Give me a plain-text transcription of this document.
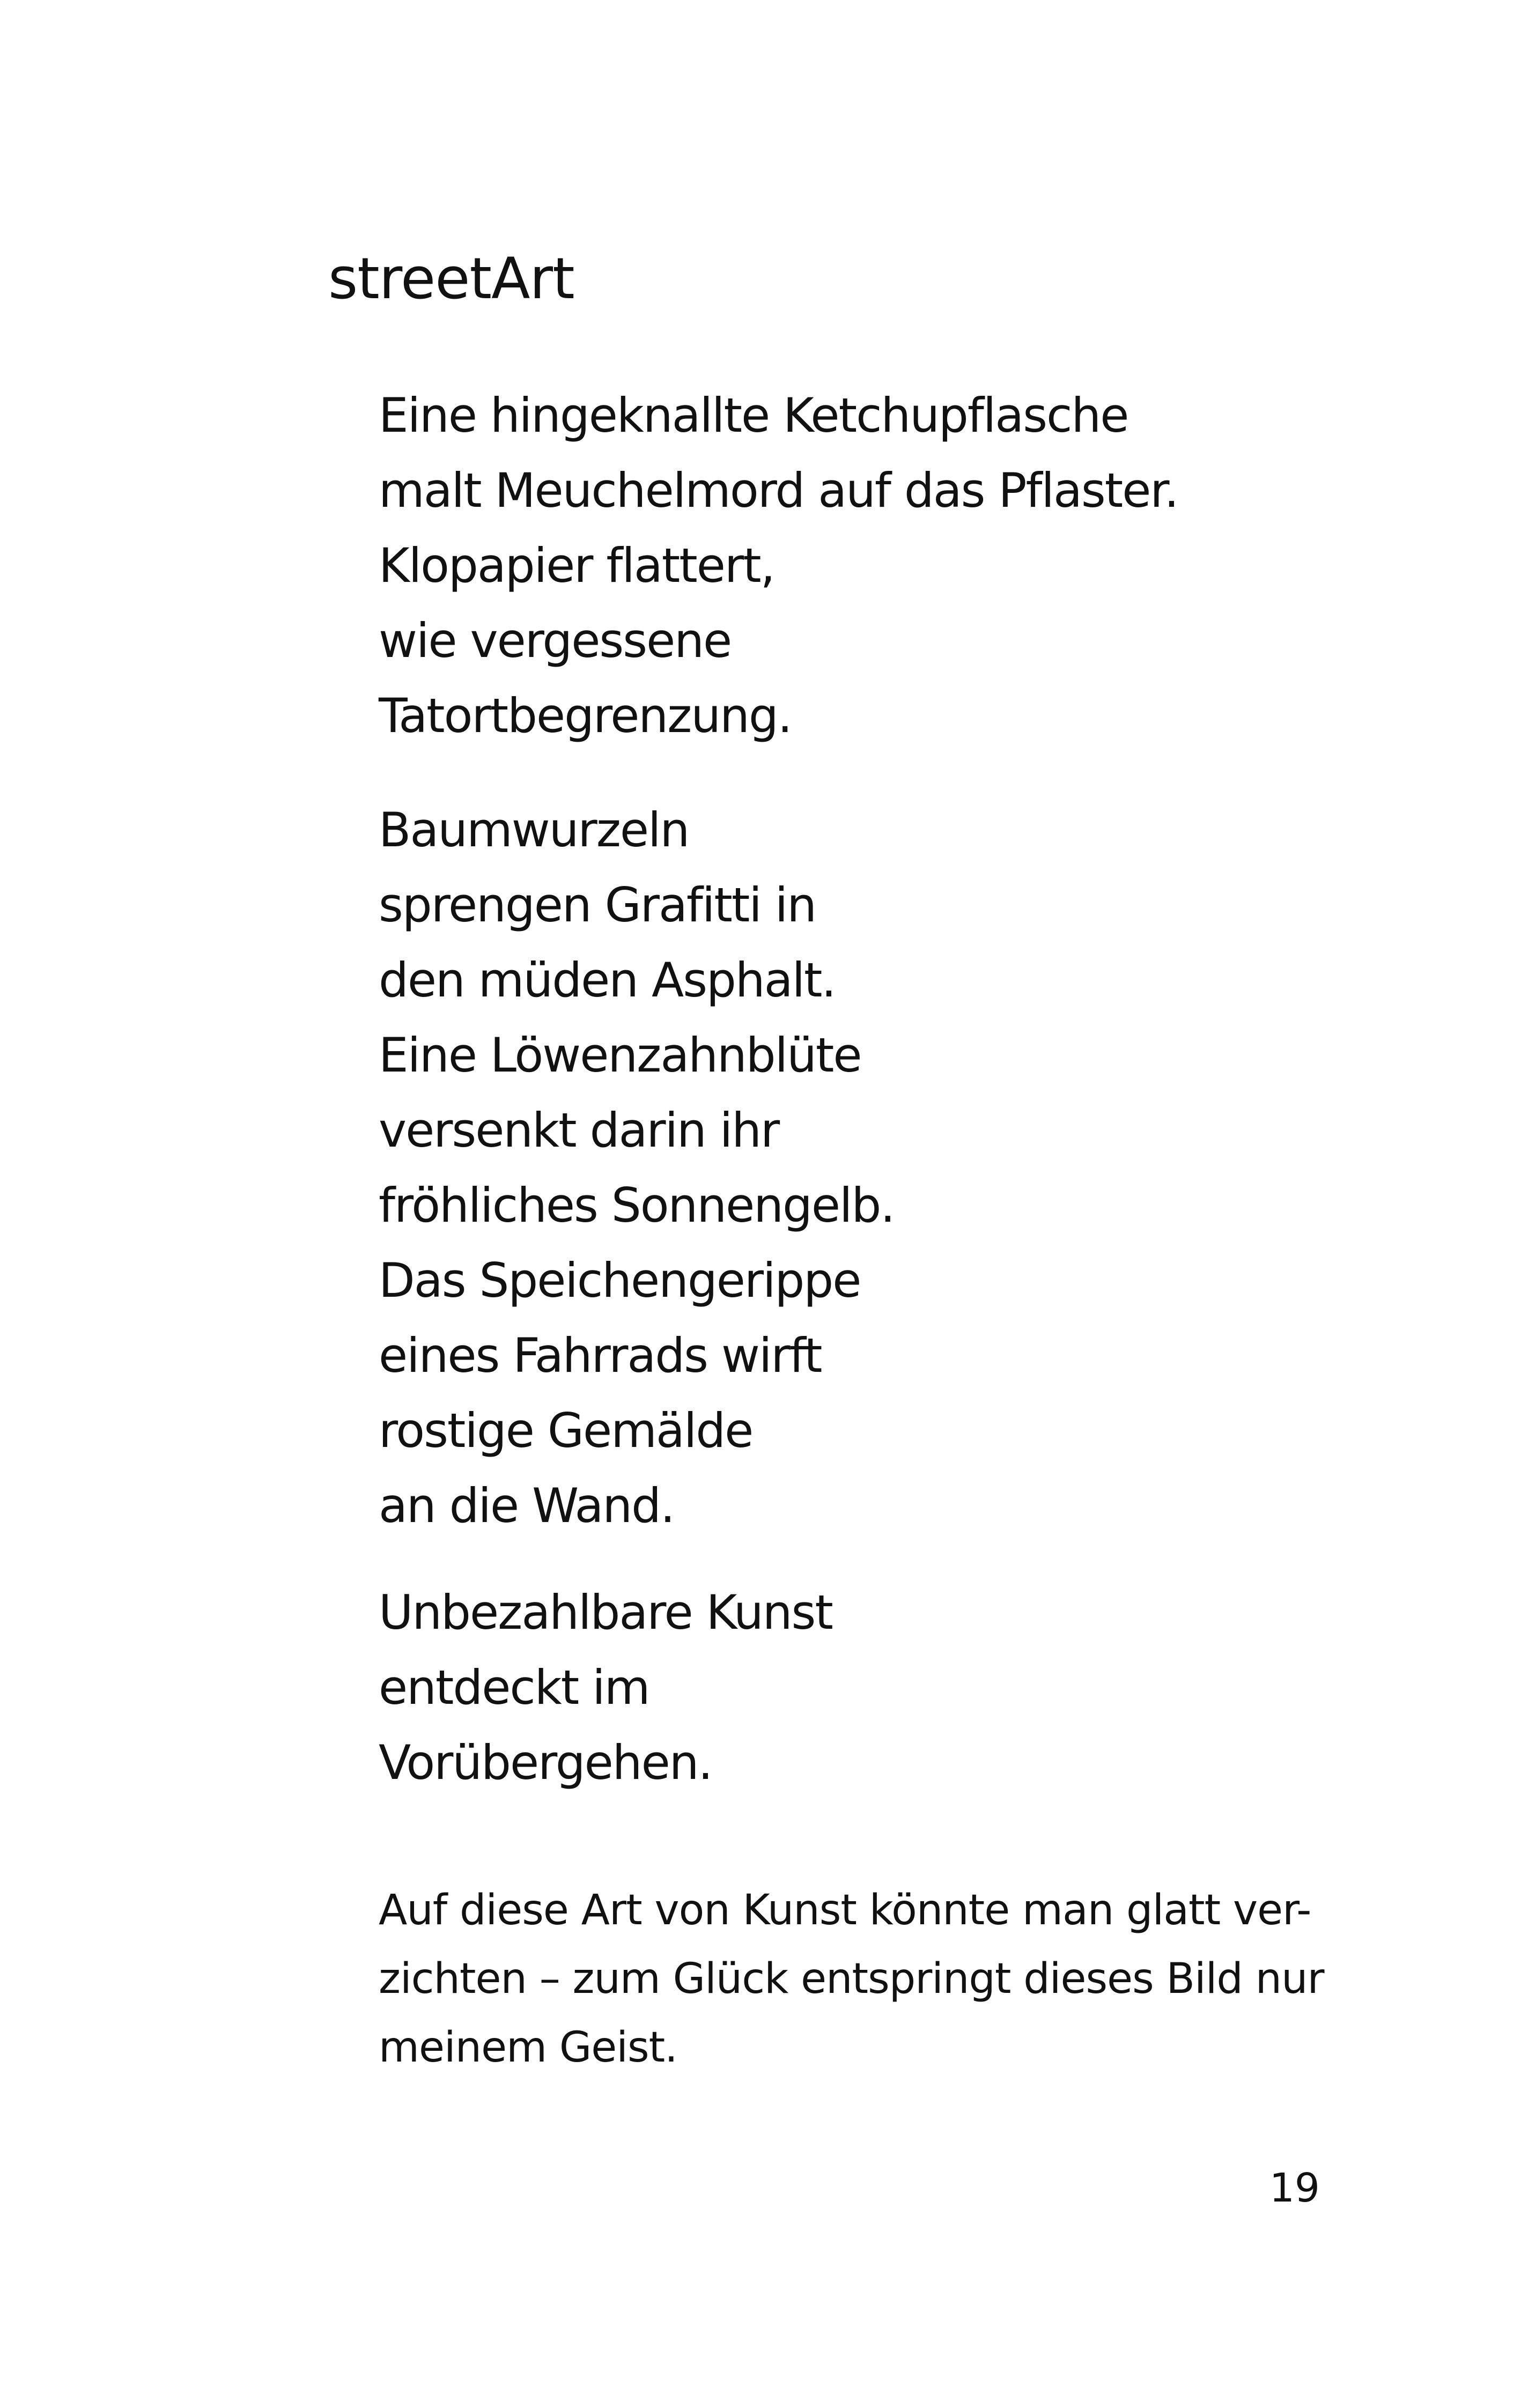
streetArt
Eine hingeknallte Ketchupflasche
malt Meuchelmord auf das Pflaster.
Klopapier flattert,
wie vergessene
Tatortbegrenzung.
Baumwurzeln
sprengen Grafitti in
den müden Asphalt.
Eine Löwenzahnblüte
versenkt darin ihr
fröhliches Sonnengelb.
Das Speichengerippe
eines Fahrrads wirft
rostige Gemälde
an die Wand.
Unbezahlbare Kunst
entdeckt im
Vorübergehen.
Auf diese Art von Kunst könnte man glatt ver-
zichten – zum Glück entspringt dieses Bild nur
meinem Geist.
19
